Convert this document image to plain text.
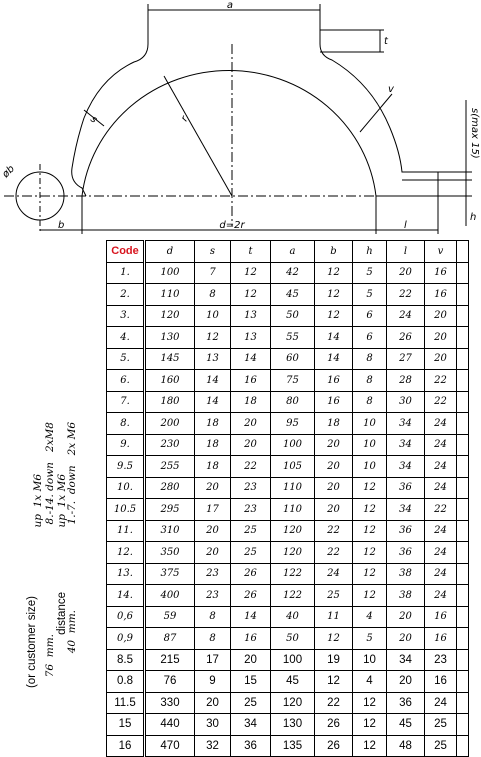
a
t
s	r
v
øb
b	d=2r	l
h
s(max 15)
Code	d	s	t	a	b	h	l	v	
1.	100	7	12	42	12	5	20	16	
2.	110	8	12	45	12	5	22	16	
3.	120	10	13	50	12	6	24	20	
4.	130	12	13	55	14	6	26	20	
5.	145	13	14	60	14	8	27	20	
6.	160	14	16	75	16	8	28	22	
7.	180	14	18	80	16	8	30	22	
8.	200	18	20	95	18	10	34	24	
9.	230	18	20	100	20	10	34	24	
9.5	255	18	22	105	20	10	34	24	
10.	280	20	23	110	20	12	36	24	
10.5	295	17	23	110	20	12	34	22	
11.	310	20	25	120	22	12	36	24	
12.	350	20	25	120	22	12	36	24	
13.	375	23	26	122	24	12	38	24	
14.	400	23	26	122	25	12	38	24	
0,6	59	8	14	40	11	4	20	16	
0,9	87	8	16	50	12	5	20	16	
8.5	215	17	20	100	19	10	34	23	
0.8	76	9	15	45	12	4	20	16	
11.5	330	20	25	120	22	12	36	24	
15	440	30	34	130	26	12	45	25	
16	470	32	36	135	26	12	48	25	
1.-7.  down   2x M6
up  1x M6
8.-14. down   2xM8
up  1x M6
40  mm.
distance
76  mm.
(or customer size)
